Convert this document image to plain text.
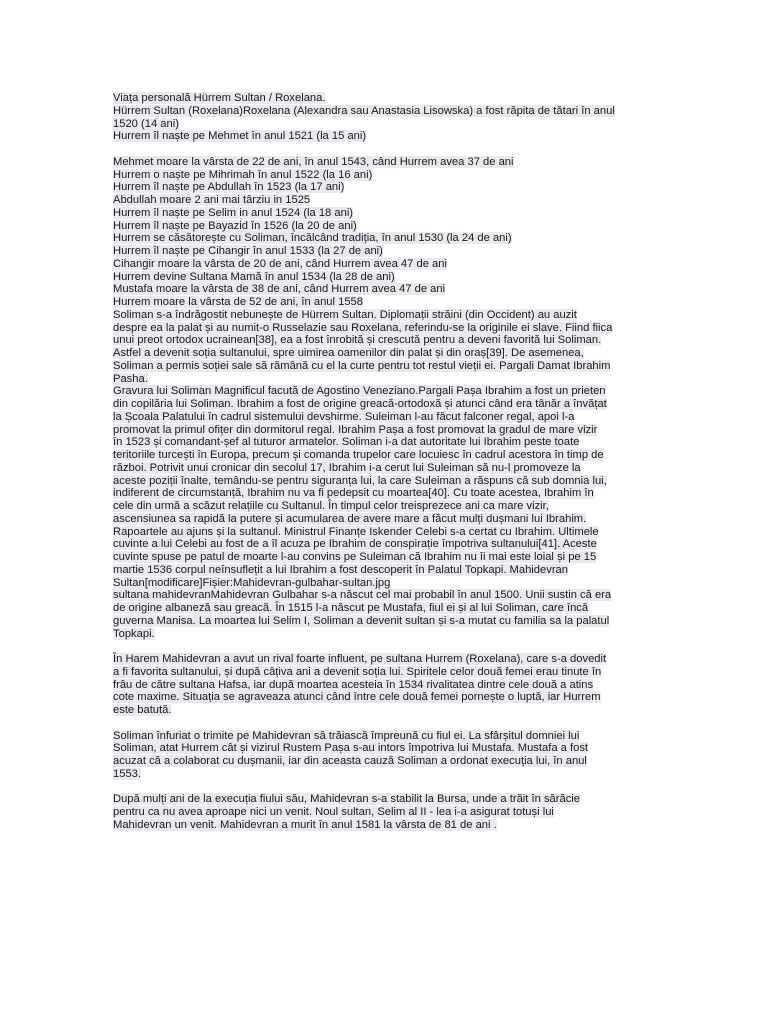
Viața personală Hürrem Sultan / Roxelana.
Hürrem Sultan (Roxelana)Roxelana (Alexandra sau Anastasia Lisowska) a fost răpita de tătari în anul
1520 (14 ani)
Hurrem îl naște pe Mehmet în anul 1521 (la 15 ani)
Mehmet moare la vârsta de 22 de ani, în anul 1543, când Hurrem avea 37 de ani
Hurrem o naște pe Mihrimah în anul 1522 (la 16 ani)
Hurrem îl naște pe Abdullah în 1523 (la 17 ani)
Abdullah moare 2 ani mai târziu in 1525
Hurrem îl naște pe Selim in anul 1524 (la 18 ani)
Hurrem îl naște pe Bayazid în 1526 (la 20 de ani)
Hurrem se căsătorește cu Soliman, încălcând tradiția, în anul 1530 (la 24 de ani)
Hurrem îl naște pe Cihangir în anul 1533 (la 27 de ani)
Cihangir moare la vârsta de 20 de ani, când Hurrem avea 47 de ani
Hurrem devine Sultana Mamă în anul 1534 (la 28 de ani)
Mustafa moare la vârsta de 38 de ani, când Hurrem avea 47 de ani
Hurrem moare la vârsta de 52 de ani, în anul 1558
Soliman s-a îndrăgostit nebunește de Hürrem Sultan. Diplomații străini (din Occident) au auzit
despre ea la palat și au numit-o Russelazie sau Roxelana, referindu-se la originile ei slave. Fiind fiica
unui preot ortodox ucrainean[38], ea a fost înrobită și crescută pentru a deveni favorită lui Soliman.
Astfel a devenit soția sultanului, spre uimirea oamenilor din palat și din oraș[39]. De asemenea,
Soliman a permis soției sale să rămână cu el la curte pentru tot restul vieții ei. Pargali Damat Ibrahim
Pasha.
Gravura lui Soliman Magnificul facută de Agostino Veneziano.Pargali Pașa Ibrahim a fost un prieten
din copilăria lui Soliman. Ibrahim a fost de origine greacă-ortodoxă și atunci când era tânăr a învățat
la Școala Palatului în cadrul sistemului devshirme. Suleiman l-au făcut falconer regal, apoi l-a
promovat la primul ofițer din dormitorul regal. Ibrahim Pașa a fost promovat la gradul de mare vizir
în 1523 și comandant-șef al tuturor armatelor. Soliman i-a dat autoritate lui Ibrahim peste toate
teritoriile turcești în Europa, precum și comanda trupelor care locuiesc în cadrul acestora în timp de
război. Potrivit unui cronicar din secolul 17, Ibrahim i-a cerut lui Suleiman să nu-l promoveze la
aceste poziții înalte, temându-se pentru siguranța lui, la care Suleiman a răspuns că sub domnia lui,
indiferent de circumstanță, Ibrahim nu va fi pedepsit cu moartea[40]. Cu toate acestea, Ibrahim în
cele din urmă a scăzut relațiile cu Sultanul. În timpul celor treisprezece ani ca mare vizir,
ascensiunea sa rapidă la putere și acumularea de avere mare a făcut mulți dușmani lui Ibrahim.
Rapoartele au ajuns și la sultanul. Ministrul Finanțe Iskender Celebi s-a certat cu Ibrahim. Ultimele
cuvinte a lui Celebi au fost de a îl acuza pe Ibrahim de conspirație împotriva sultanului[41]. Aceste
cuvinte spuse pe patul de moarte l-au convins pe Suleiman că Ibrahim nu îi mai este loial și pe 15
martie 1536 corpul neînsuflețit a lui Ibrahim a fost descoperit în Palatul Topkapi. Mahidevran
Sultan[modificare]Fișier:Mahidevran-gulbahar-sultan.jpg
sultana mahidevranMahidevran Gulbahar s-a născut cel mai probabil în anul 1500. Unii sustin că era
de origine albaneză sau greacă. În 1515 l-a născut pe Mustafa, fiul ei și al lui Soliman, care încă
guverna Manisa. La moartea lui Selim I, Soliman a devenit sultan și s-a mutat cu familia sa la palatul
Topkapi.
În Harem Mahidevran a avut un rival foarte influent, pe sultana Hurrem (Roxelana), care s-a dovedit
a fi favorita sultanului, și după câțiva ani a devenit soția lui. Spiritele celor două femei erau tinute în
frâu de către sultana Hafsa, iar după moartea acesteia în 1534 rivalitatea dintre cele două a atins
cote maxime. Situația se agraveaza atunci când între cele două femei pornește o luptă, iar Hurrem
este batută.
Soliman înfuriat o trimite pe Mahidevran să trăiască împreună cu fiul ei. La sfârșitul domniei lui
Soliman, atat Hurrem cât și vizirul Rustem Pașa s-au intors împotriva lui Mustafa. Mustafa a fost
acuzat că a colaborat cu dușmanii, iar din aceasta cauză Soliman a ordonat execuția lui, în anul
1553.
După mulți ani de la execuția fiului său, Mahidevran s-a stabilit la Bursa, unde a trăit în sărăcie
pentru ca nu avea aproape nici un venit. Noul sultan, Selim al II - lea i-a asigurat totuși lui
Mahidevran un venit. Mahidevran a murit în anul 1581 la vârsta de 81 de ani .
